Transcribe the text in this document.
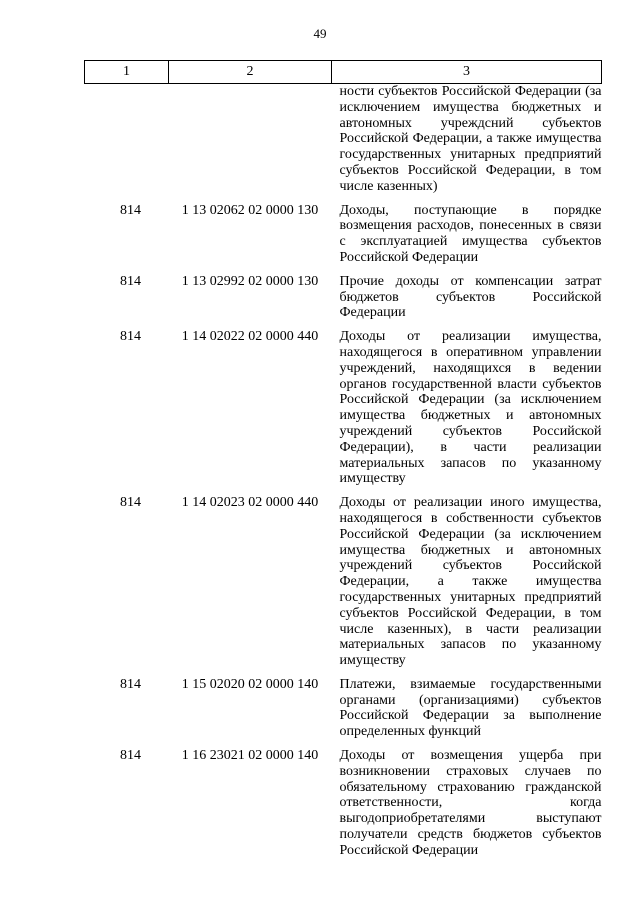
49
1	2	3
		ности субъектов Российской Федерации (за исключением имущества бюджетных и автономных учреждсний субъектов Российской Федерации, а также имущества государственных унитарных предприятий субъектов Российской Федерации, в том числе казенных)
814	1 13 02062 02 0000 130	Доходы, поступающие в порядке возмещения расходов, понесенных в связи с эксплуатацией имущества субъектов Российской Федерации
814	1 13 02992 02 0000 130	Прочие доходы от компенсации затрат бюджетов субъектов Российской Федерации
814	1 14 02022 02 0000 440	Доходы от реализации имущества, находящегося в оперативном управлении учреждений, находящихся в ведении органов государственной власти субъектов Российской Федерации (за исключением имущества бюджетных и автономных учреждений субъектов Российской Федерации), в части реализации материальных запасов по указанному имуществу
814	1 14 02023 02 0000 440	Доходы от реализации иного имущества, находящегося в собственности субъектов Российской Федерации (за исключением имущества бюджетных и автономных учреждений субъектов Российской Федерации, а также имущества государственных унитарных предприятий субъектов Российской Федерации, в том числе казенных), в части реализации материальных запасов по указанному имуществу
814	1 15 02020 02 0000 140	Платежи, взимаемые государственными органами (организациями) субъектов Российской Федерации за выполнение определенных функций
814	1 16 23021 02 0000 140	Доходы от возмещения ущерба при возникновении страховых случаев по обязательному страхованию гражданской ответственности, когда выгодоприобретателями выступают получатели средств бюджетов субъектов Российской Федерации
